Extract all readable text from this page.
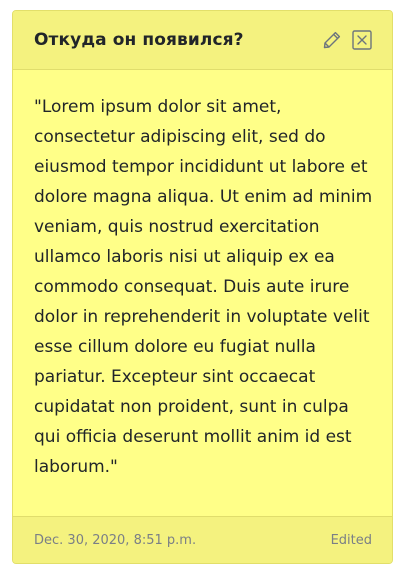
Откуда он появился?

"Lorem ipsum dolor sit amet, consectetur adipiscing elit, sed do eiusmod tempor incididunt ut labore et dolore magna aliqua. Ut enim ad minim veniam, quis nostrud exercitation ullamco laboris nisi ut aliquip ex ea commodo consequat. Duis aute irure dolor in reprehenderit in voluptate velit esse cillum dolore eu fugiat nulla pariatur. Excepteur sint occaecat cupidatat non proident, sunt in culpa qui officia deserunt mollit anim id est laborum."

Dec. 30, 2020, 8:51 p.m.	Edited
